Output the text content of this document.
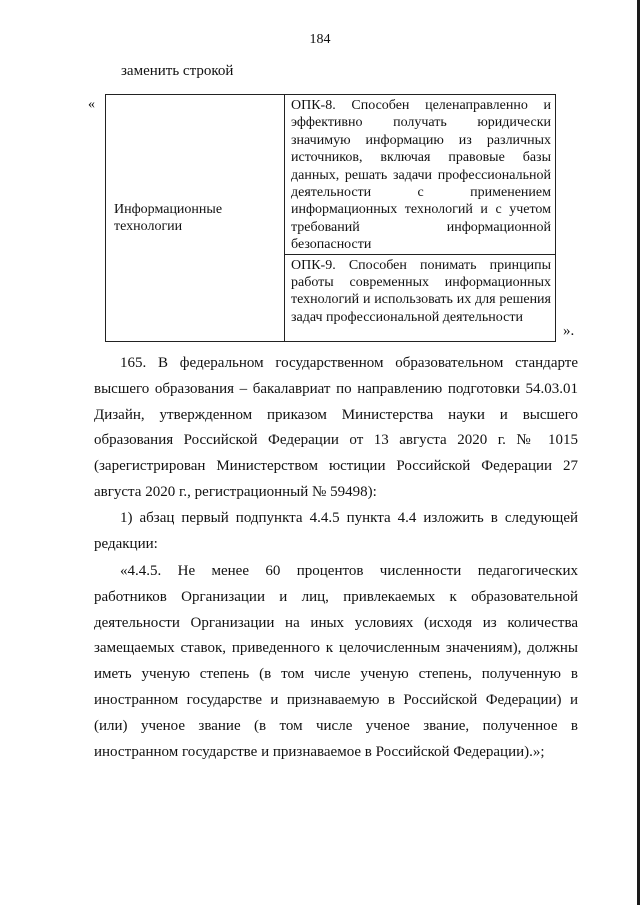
184
заменить строкой
«
Информационные технологии	ОПК-8. Способен целенаправленно и эффективно получать юридически значимую информацию из различных источников, включая правовые базы данных, решать задачи профессиональной деятельности с применением информационных технологий и с учетом требований информационной безопасности
ОПК-9. Способен понимать принципы работы современных информационных технологий и использовать их для решения задач профессиональной деятельности
».

165. В федеральном государственном образовательном стандарте высшего образования – бакалавриат по направлению подготовки 54.03.01 Дизайн, утвержденном приказом Министерства науки и высшего образования Российской Федерации от 13 августа 2020 г. № 1015 (зарегистрирован Министерством юстиции Российской Федерации 27 августа 2020 г., регистрационный № 59498):

1) абзац первый подпункта 4.4.5 пункта 4.4 изложить в следующей редакции:

«4.4.5. Не менее 60 процентов численности педагогических работников Организации и лиц, привлекаемых к образовательной деятельности Организации на иных условиях (исходя из количества замещаемых ставок, приведенного к целочисленным значениям), должны иметь ученую степень (в том числе ученую степень, полученную в иностранном государстве и признаваемую в Российской Федерации) и (или) ученое звание (в том числе ученое звание, полученное в иностранном государстве и признаваемое в Российской Федерации).»;
